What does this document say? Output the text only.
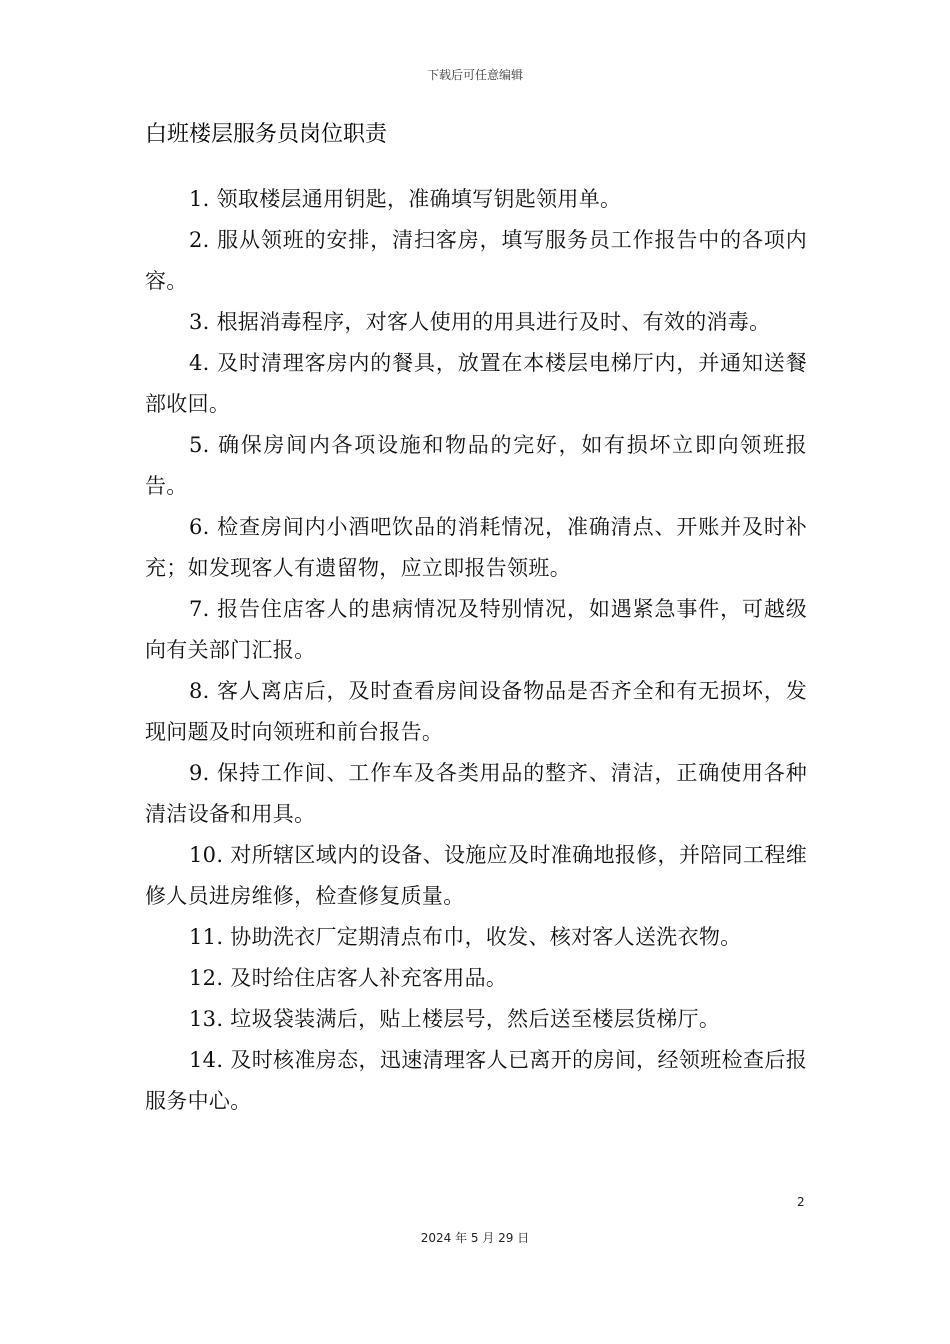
下载后可任意编辑
白班楼层服务员岗位职责
1. 领取楼层通用钥匙，准确填写钥匙领用单。
2. 服从领班的安排，清扫客房，填写服务员工作报告中的各项内容。
3. 根据消毒程序，对客人使用的用具进行及时、有效的消毒。
4. 及时清理客房内的餐具，放置在本楼层电梯厅内，并通知送餐部收回。
5. 确保房间内各项设施和物品的完好，如有损坏立即向领班报告。
6. 检查房间内小酒吧饮品的消耗情况，准确清点、开账并及时补充；如发现客人有遗留物，应立即报告领班。
7. 报告住店客人的患病情况及特别情况，如遇紧急事件，可越级向有关部门汇报。
8. 客人离店后，及时查看房间设备物品是否齐全和有无损坏，发现问题及时向领班和前台报告。
9. 保持工作间、工作车及各类用品的整齐、清洁，正确使用各种清洁设备和用具。
10. 对所辖区域内的设备、设施应及时准确地报修，并陪同工程维修人员进房维修，检查修复质量。
11. 协助洗衣厂定期清点布巾，收发、核对客人送洗衣物。
12. 及时给住店客人补充客用品。
13. 垃圾袋装满后，贴上楼层号，然后送至楼层货梯厅。
14. 及时核准房态，迅速清理客人已离开的房间，经领班检查后报服务中心。
2
2024 年 5 月 29 日
